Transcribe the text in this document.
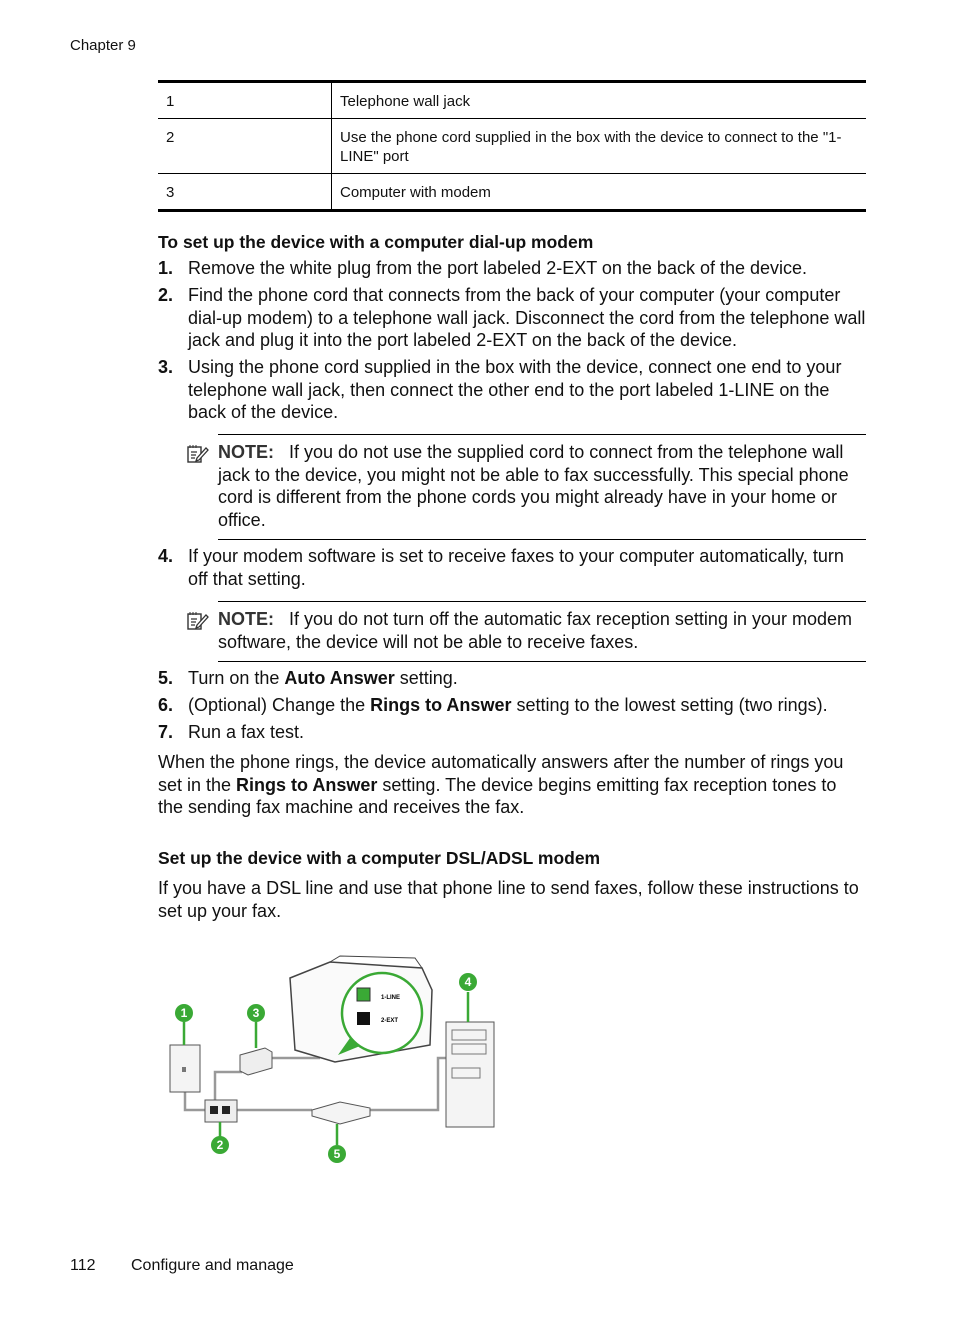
Chapter 9
1	Telephone wall jack
2	Use the phone cord supplied in the box with the device to connect to the "1-LINE" port
3	Computer with modem
To set up the device with a computer dial-up modem
1. Remove the white plug from the port labeled 2-EXT on the back of the device.
2. Find the phone cord that connects from the back of your computer (your computer dial-up modem) to a telephone wall jack. Disconnect the cord from the telephone wall jack and plug it into the port labeled 2-EXT on the back of the device.
3. Using the phone cord supplied in the box with the device, connect one end to your telephone wall jack, then connect the other end to the port labeled 1-LINE on the back of the device.
NOTE: If you do not use the supplied cord to connect from the telephone wall jack to the device, you might not be able to fax successfully. This special phone cord is different from the phone cords you might already have in your home or office.
4. If your modem software is set to receive faxes to your computer automatically, turn off that setting.
NOTE: If you do not turn off the automatic fax reception setting in your modem software, the device will not be able to receive faxes.
5. Turn on the Auto Answer setting.
6. (Optional) Change the Rings to Answer setting to the lowest setting (two rings).
7. Run a fax test.
When the phone rings, the device automatically answers after the number of rings you set in the Rings to Answer setting. The device begins emitting fax reception tones to the sending fax machine and receives the fax.
Set up the device with a computer DSL/ADSL modem
If you have a DSL line and use that phone line to send faxes, follow these instructions to set up your fax.
1-LINE
2-EXT
1
2
3
4
5
112 Configure and manage
